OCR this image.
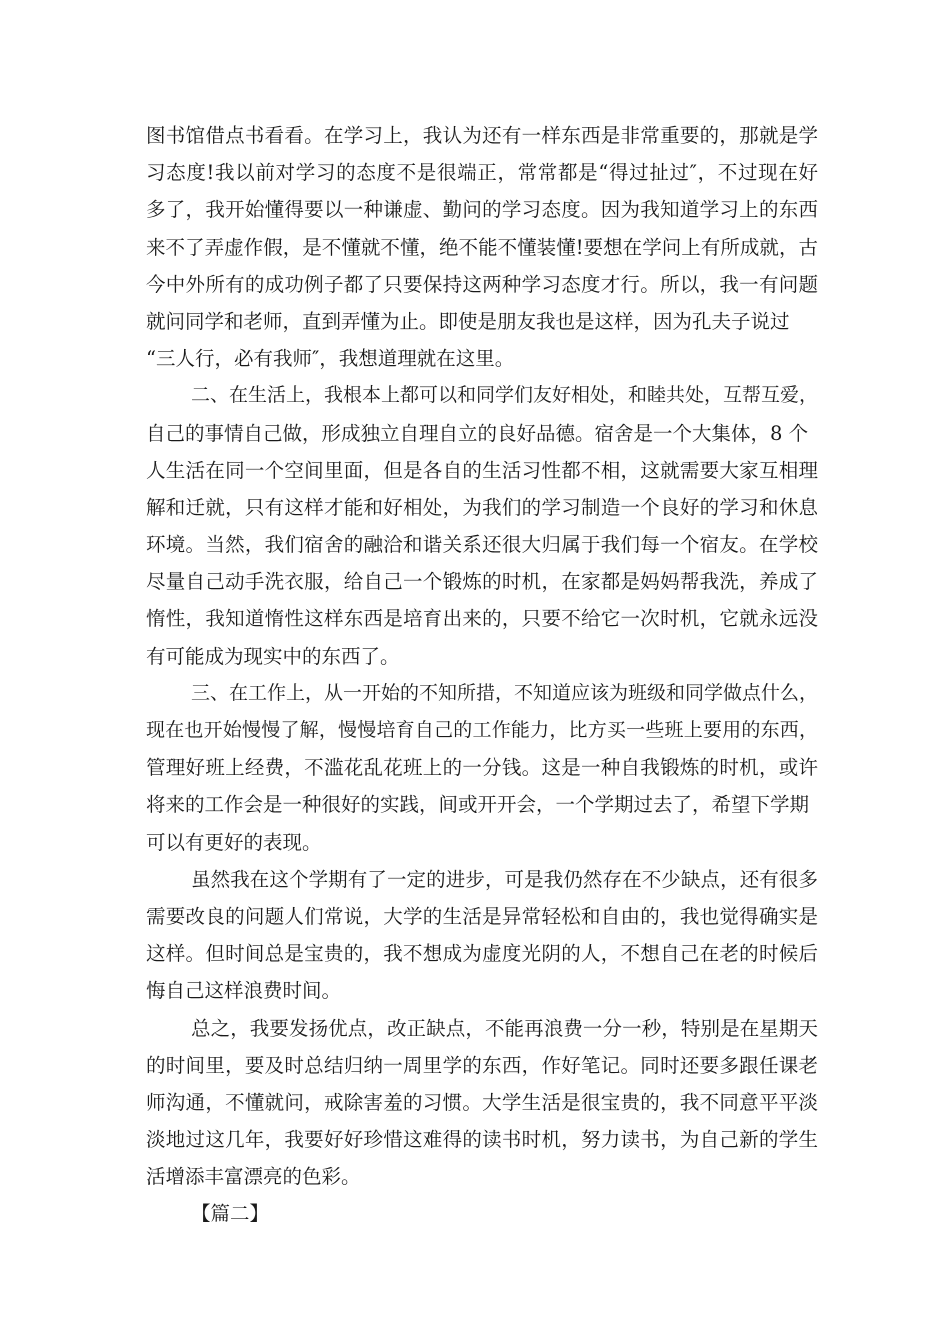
图书馆借点书看看。在学习上，我认为还有一样东西是非常重要的，那就是学
习态度!我以前对学习的态度不是很端正，常常都是“得过扯过″，不过现在好
多了，我开始懂得要以一种谦虚、勤问的学习态度。因为我知道学习上的东西
来不了弄虚作假，是不懂就不懂，绝不能不懂装懂!要想在学问上有所成就，古
今中外所有的成功例子都了只要保持这两种学习态度才行。所以，我一有问题
就问同学和老师，直到弄懂为止。即使是朋友我也是这样，因为孔夫子说过
“三人行，必有我师″，我想道理就在这里。
二、在生活上，我根本上都可以和同学们友好相处，和睦共处，互帮互爱，
自己的事情自己做，形成独立自理自立的良好品德。宿舍是一个大集体，8 个
人生活在同一个空间里面，但是各自的生活习性都不相，这就需要大家互相理
解和迁就，只有这样才能和好相处，为我们的学习制造一个良好的学习和休息
环境。当然，我们宿舍的融洽和谐关系还很大归属于我们每一个宿友。在学校
尽量自己动手洗衣服，给自己一个锻炼的时机，在家都是妈妈帮我洗，养成了
惰性，我知道惰性这样东西是培育出来的，只要不给它一次时机，它就永远没
有可能成为现实中的东西了。
三、在工作上，从一开始的不知所措，不知道应该为班级和同学做点什么，
现在也开始慢慢了解，慢慢培育自己的工作能力，比方买一些班上要用的东西，
管理好班上经费，不滥花乱花班上的一分钱。这是一种自我锻炼的时机，或许
将来的工作会是一种很好的实践，间或开开会，一个学期过去了，希望下学期
可以有更好的表现。
虽然我在这个学期有了一定的进步，可是我仍然存在不少缺点，还有很多
需要改良的问题人们常说，大学的生活是异常轻松和自由的，我也觉得确实是
这样。但时间总是宝贵的，我不想成为虚度光阴的人，不想自己在老的时候后
悔自己这样浪费时间。
总之，我要发扬优点，改正缺点，不能再浪费一分一秒，特别是在星期天
的时间里，要及时总结归纳一周里学的东西，作好笔记。同时还要多跟任课老
师沟通，不懂就问，戒除害羞的习惯。大学生活是很宝贵的，我不同意平平淡
淡地过这几年，我要好好珍惜这难得的读书时机，努力读书，为自己新的学生
活增添丰富漂亮的色彩。
【篇二】
